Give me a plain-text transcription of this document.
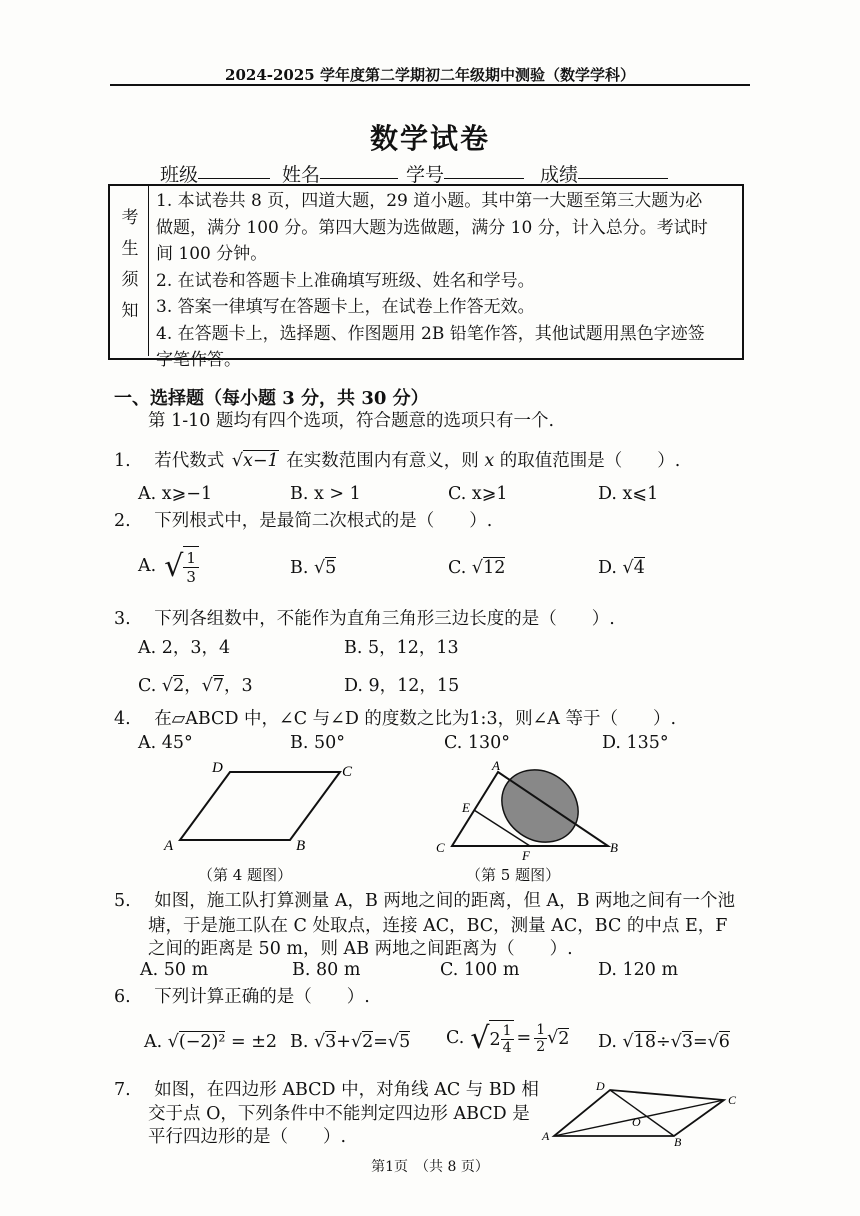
2024-2025 学年度第二学期初二年级期中测验（数学学科）
数学试卷
班级	姓名	学号	成绩
考生须知
1. 本试卷共 8 页，四道大题，29 道小题。其中第一大题至第三大题为必
做题，满分 100 分。第四大题为选做题，满分 10 分，计入总分。考试时
间 100 分钟。
2. 在试卷和答题卡上准确填写班级、姓名和学号。
3. 答案一律填写在答题卡上，在试卷上作答无效。
4. 在答题卡上，选择题、作图题用 2B 铅笔作答，其他试题用黑色字迹签
字笔作答。
一、选择题（每小题 3 分，共 30 分）
第 1-10 题均有四个选项，符合题意的选项只有一个.
1. 若代数式 √x−1 在实数范围内有意义，则 x 的取值范围是（　　）.
A. x⩾−1	B. x > 1	C. x⩾1	D. x⩽1
2. 下列根式中，是最简二次根式的是（　　）.
A. √ 1
3	B. √5	C. √12	D. √4
3. 下列各组数中，不能作为直角三角形三边长度的是（　　）.
A. 2，3，4	B. 5，12，13
C. √2，√7，3	D. 9，12，15
4. 在▱ABCD 中，∠C 与∠D 的度数之比为1:3，则∠A 等于（　　）.
A. 45°	B. 50°	C. 130°	D. 135°
D	C
A	B
（第 4 题图）
A
E
C
F
B
（第 5 题图）
5. 如图，施工队打算测量 A，B 两地之间的距离，但 A，B 两地之间有一个池
塘，于是施工队在 C 处取点，连接 AC，BC，测量 AC，BC 的中点 E，F
之间的距离是 50 m，则 AB 两地之间距离为（　　）.
A. 50 m	B. 80 m	C. 100 m	D. 120 m
6. 下列计算正确的是（　　）.
A. √(−2)² = ±2 B. √3+√2=√5 C. √ 2 1
$4 = \frac{1}{2}$ √ 2 D. √18÷√3=√6
7. 如图，在四边形 ABCD 中，对角线 AC 与 BD 相
交于点 O，下列条件中不能判定四边形 ABCD 是
平行四边形的是（　　）.
D
C
O
A	B
第1页　（共 8 页）
